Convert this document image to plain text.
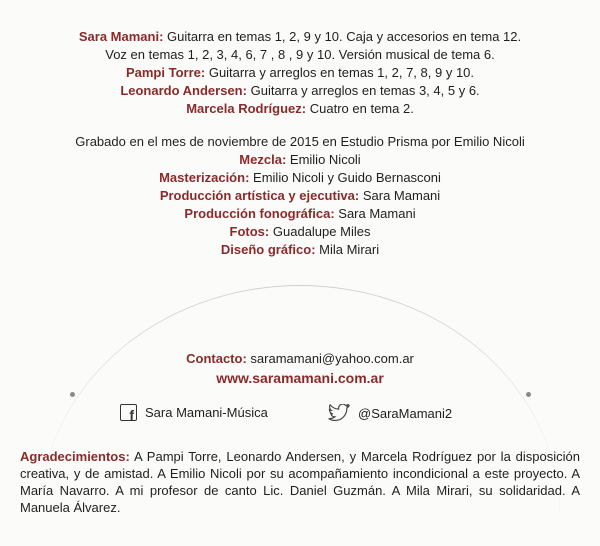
Sara Mamani: Guitarra en temas 1, 2, 9 y 10. Caja y accesorios en tema 12.
Voz en temas 1, 2, 3, 4, 6, 7 , 8 , 9 y 10. Versión musical de tema 6.
Pampi Torre: Guitarra y arreglos en temas 1, 2, 7, 8, 9 y 10.
Leonardo Andersen: Guitarra y arreglos en temas 3, 4, 5 y 6.
Marcela Rodríguez: Cuatro en tema 2.
Grabado en el mes de noviembre de 2015 en Estudio Prisma por Emilio Nicoli
Mezcla: Emilio Nicoli
Masterización: Emilio Nicoli y Guido Bernasconi
Producción artística y ejecutiva: Sara Mamani
Producción fonográfica: Sara Mamani
Fotos: Guadalupe Miles
Diseño gráfico: Mila Mirari
Contacto: saramamani@yahoo.com.ar
www.saramamani.com.ar
f Sara Mamani-Música	@SaraMamani2
Agradecimientos: A Pampi Torre, Leonardo Andersen, y Marcela Rodríguez por la disposición creativa, y de amistad. A Emilio Nicoli por su acompañamiento incondicional a este proyecto. A María Navarro. A mi profesor de canto Lic. Daniel Guzmán. A Mila Mirari, su solidaridad. A Manuela Álvarez.
